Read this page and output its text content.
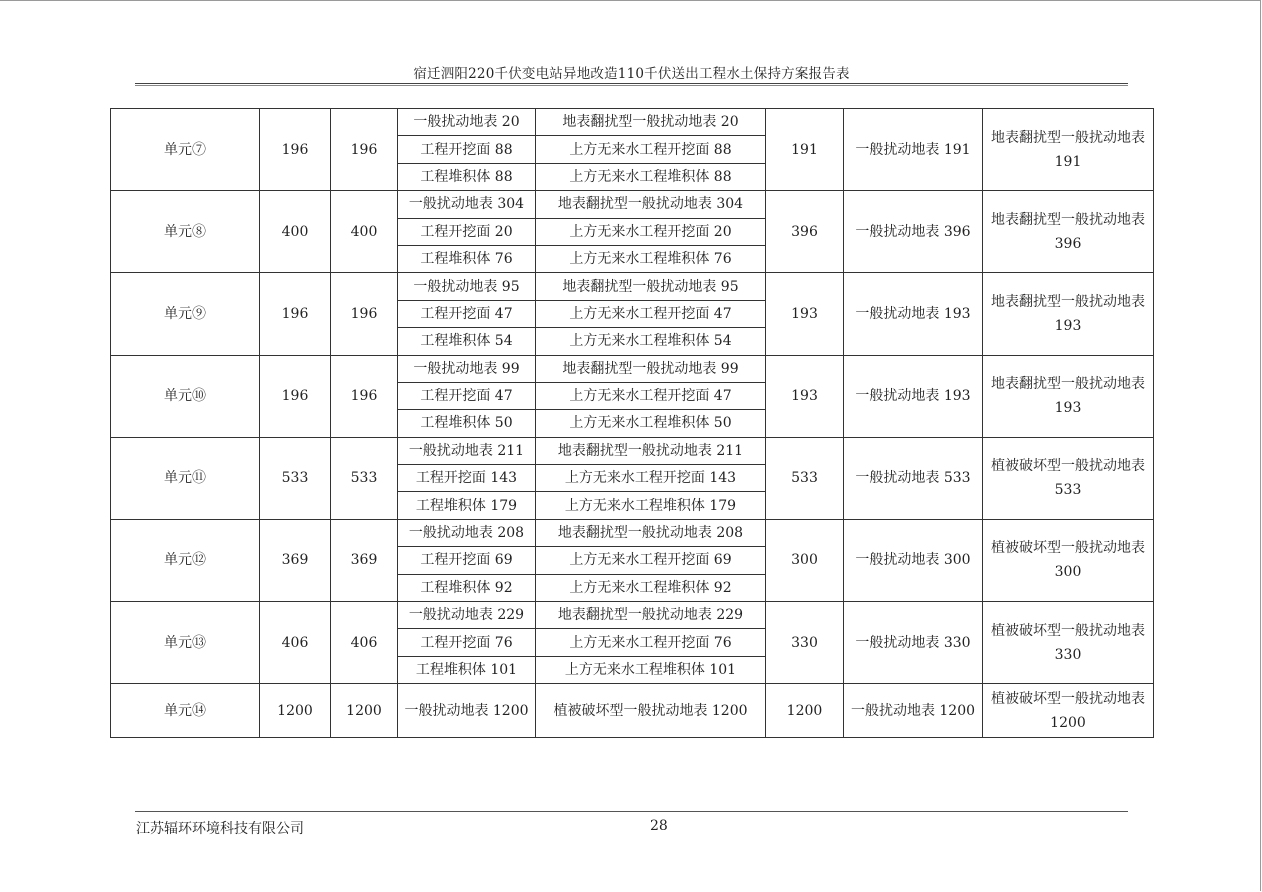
宿迁泗阳220千伏变电站异地改造110千伏送出工程水土保持方案报告表
单元⑦	196	196	一般扰动地表 20	地表翻扰型一般扰动地表 20	191	一般扰动地表 191	地表翻扰型一般扰动地表 191
			工程开挖面 88	上方无来水工程开挖面 88			
			工程堆积体 88	上方无来水工程堆积体 88			
单元⑧	400	400	一般扰动地表 304	地表翻扰型一般扰动地表 304	396	一般扰动地表 396	地表翻扰型一般扰动地表 396
			工程开挖面 20	上方无来水工程开挖面 20			
			工程堆积体 76	上方无来水工程堆积体 76			
单元⑨	196	196	一般扰动地表 95	地表翻扰型一般扰动地表 95	193	一般扰动地表 193	地表翻扰型一般扰动地表 193
			工程开挖面 47	上方无来水工程开挖面 47			
			工程堆积体 54	上方无来水工程堆积体 54			
单元⑩	196	196	一般扰动地表 99	地表翻扰型一般扰动地表 99	193	一般扰动地表 193	地表翻扰型一般扰动地表 193
			工程开挖面 47	上方无来水工程开挖面 47			
			工程堆积体 50	上方无来水工程堆积体 50			
单元⑪	533	533	一般扰动地表 211	地表翻扰型一般扰动地表 211	533	一般扰动地表 533	植被破坏型一般扰动地表 533
			工程开挖面 143	上方无来水工程开挖面 143			
			工程堆积体 179	上方无来水工程堆积体 179			
单元⑫	369	369	一般扰动地表 208	地表翻扰型一般扰动地表 208	300	一般扰动地表 300	植被破坏型一般扰动地表 300
			工程开挖面 69	上方无来水工程开挖面 69			
			工程堆积体 92	上方无来水工程堆积体 92			
单元⑬	406	406	一般扰动地表 229	地表翻扰型一般扰动地表 229	330	一般扰动地表 330	植被破坏型一般扰动地表 330
			工程开挖面 76	上方无来水工程开挖面 76			
			工程堆积体 101	上方无来水工程堆积体 101			
单元⑭	1200	1200	一般扰动地表 1200	植被破坏型一般扰动地表 1200	1200	一般扰动地表 1200	植被破坏型一般扰动地表 1200
江苏辐环环境科技有限公司	28
